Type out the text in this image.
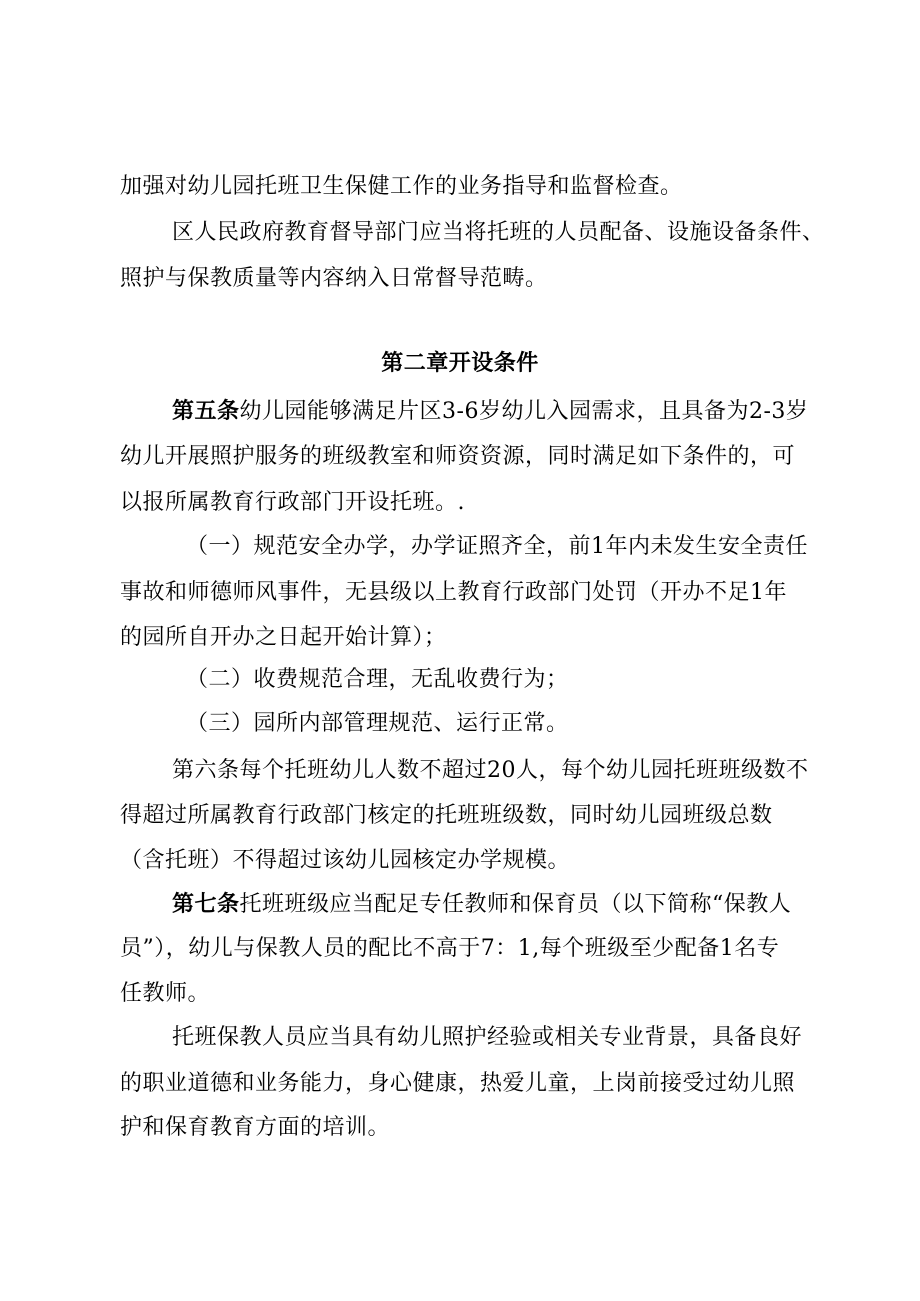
加强对幼儿园托班卫生保健工作的业务指导和监督检查。
区人民政府教育督导部门应当将托班的人员配备、设施设备条件、
照护与保教质量等内容纳入日常督导范畴。
第二章开设条件
第五条幼儿园能够满足片区3-6岁幼儿入园需求，且具备为2-3岁
幼儿开展照护服务的班级教室和师资资源，同时满足如下条件的，可
以报所属教育行政部门开设托班。.
（一）规范安全办学，办学证照齐全，前1年内未发生安全责任
事故和师德师风事件，无县级以上教育行政部门处罚（开办不足1年
的园所自开办之日起开始计算）；
（二）收费规范合理，无乱收费行为；
（三）园所内部管理规范、运行正常。
第六条每个托班幼儿人数不超过20人，每个幼儿园托班班级数不
得超过所属教育行政部门核定的托班班级数，同时幼儿园班级总数
（含托班）不得超过该幼儿园核定办学规模。
第七条托班班级应当配足专任教师和保育员（以下简称“保教人
员”），幼儿与保教人员的配比不高于7：1,每个班级至少配备1名专
任教师。
托班保教人员应当具有幼儿照护经验或相关专业背景，具备良好
的职业道德和业务能力，身心健康，热爱儿童，上岗前接受过幼儿照
护和保育教育方面的培训。
